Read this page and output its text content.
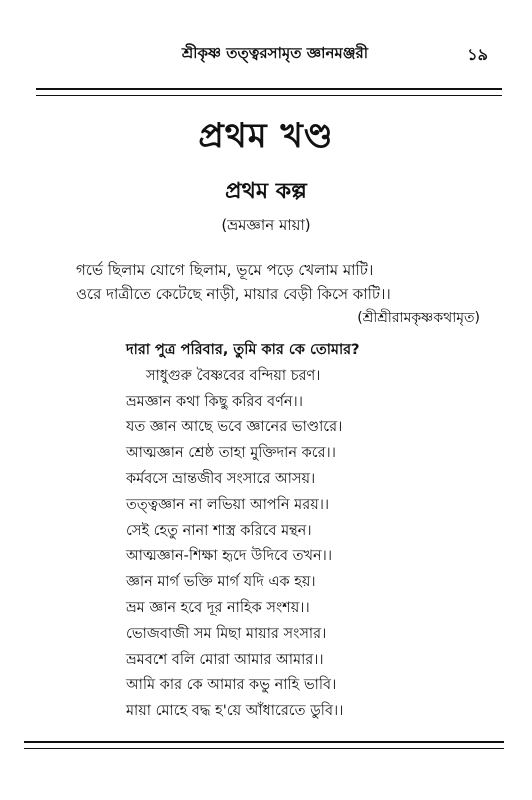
শ্রীকৃষ্ণ তত্ত্বরসামৃত জ্ঞানমঞ্জরী	১৯
প্রথম খণ্ড
প্রথম কল্প
(ভ্রমজ্ঞান মায়া)
গর্ভে ছিলাম যোগে ছিলাম, ভূমে পড়ে খেলাম মাটি।
ওরে দাত্রীতে কেটেছে নাড়ী, মায়ার বেড়ী কিসে কাটি।।
(শ্রীশ্রীরামকৃষ্ণকথামৃত)
দারা পুত্র পরিবার, তুমি কার কে তোমার?
সাধুগুরু বৈষ্ণবের বন্দিয়া চরণ।
ভ্রমজ্ঞান কথা কিছু করিব বর্ণন।।
যত জ্ঞান আছে ভবে জ্ঞানের ভাণ্ডারে।
আত্মজ্ঞান শ্রেষ্ঠ তাহা মুক্তিদান করে।।
কর্মবসে ভ্রান্তজীব সংসারে আসয়।
তত্ত্বজ্ঞান না লভিয়া আপনি মরয়।।
সেই হেতু নানা শাস্ত্র করিবে মন্থন।
আত্মজ্ঞান-শিক্ষা হৃদে উদিবে তখন।।
জ্ঞান মার্গ ভক্তি মার্গ যদি এক হয়।
ভ্রম জ্ঞান হবে দূর নাহিক সংশয়।।
ভোজবাজী সম মিছা মায়ার সংসার।
ভ্রমবশে বলি মোরা আমার আমার।।
আমি কার কে আমার কভু নাহি ভাবি।
মায়া মোহে বদ্ধ হ'য়ে আঁধারেতে ডুবি।।
